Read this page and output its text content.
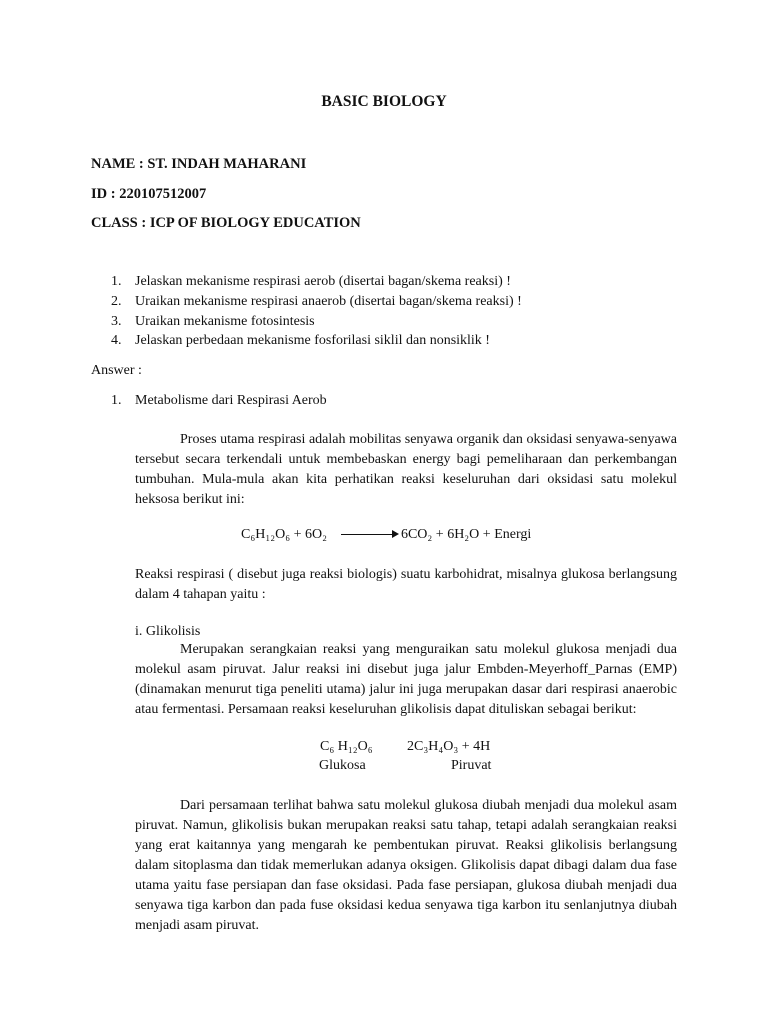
BASIC BIOLOGY
NAME : ST. INDAH MAHARANI
ID : 220107512007
CLASS : ICP OF BIOLOGY EDUCATION
1. Jelaskan mekanisme respirasi aerob (disertai bagan/skema reaksi) !
2. Uraikan mekanisme respirasi anaerob (disertai bagan/skema reaksi) !
3. Uraikan mekanisme fotosintesis
4. Jelaskan perbedaan mekanisme fosforilasi siklil dan nonsiklik !
Answer :
1. Metabolisme dari Respirasi Aerob
Proses utama respirasi adalah mobilitas senyawa organik dan oksidasi senyawa-senyawa tersebut secara terkendali untuk membebaskan energy bagi pemeliharaan dan perkembangan tumbuhan. Mula-mula akan kita perhatikan reaksi keseluruhan dari oksidasi satu molekul heksosa berikut ini:
C₆H₁₂O₆ + 6O₂	6CO₂ + 6H₂O + Energi
Reaksi respirasi ( disebut juga reaksi biologis) suatu karbohidrat, misalnya glukosa berlangsung dalam 4 tahapan yaitu :
i. Glikolisis
Merupakan serangkaian reaksi yang menguraikan satu molekul glukosa menjadi dua molekul asam piruvat. Jalur reaksi ini disebut juga jalur Embden-Meyerhoff_Parnas (EMP) (dinamakan menurut tiga peneliti utama) jalur ini juga merupakan dasar dari respirasi anaerobic atau fermentasi. Persamaan reaksi keseluruhan glikolisis dapat dituliskan sebagai berikut:
C₆ H₁₂O₆ 2C₃H₄O₃ + 4H
Glukosa	Piruvat
Dari persamaan terlihat bahwa satu molekul glukosa diubah menjadi dua molekul asam piruvat. Namun, glikolisis bukan merupakan reaksi satu tahap, tetapi adalah serangkaian reaksi yang erat kaitannya yang mengarah ke pembentukan piruvat. Reaksi glikolisis berlangsung dalam sitoplasma dan tidak memerlukan adanya oksigen. Glikolisis dapat dibagi dalam dua fase utama yaitu fase persiapan dan fase oksidasi. Pada fase persiapan, glukosa diubah menjadi dua senyawa tiga karbon dan pada fuse oksidasi kedua senyawa tiga karbon itu senlanjutnya diubah menjadi asam piruvat.
